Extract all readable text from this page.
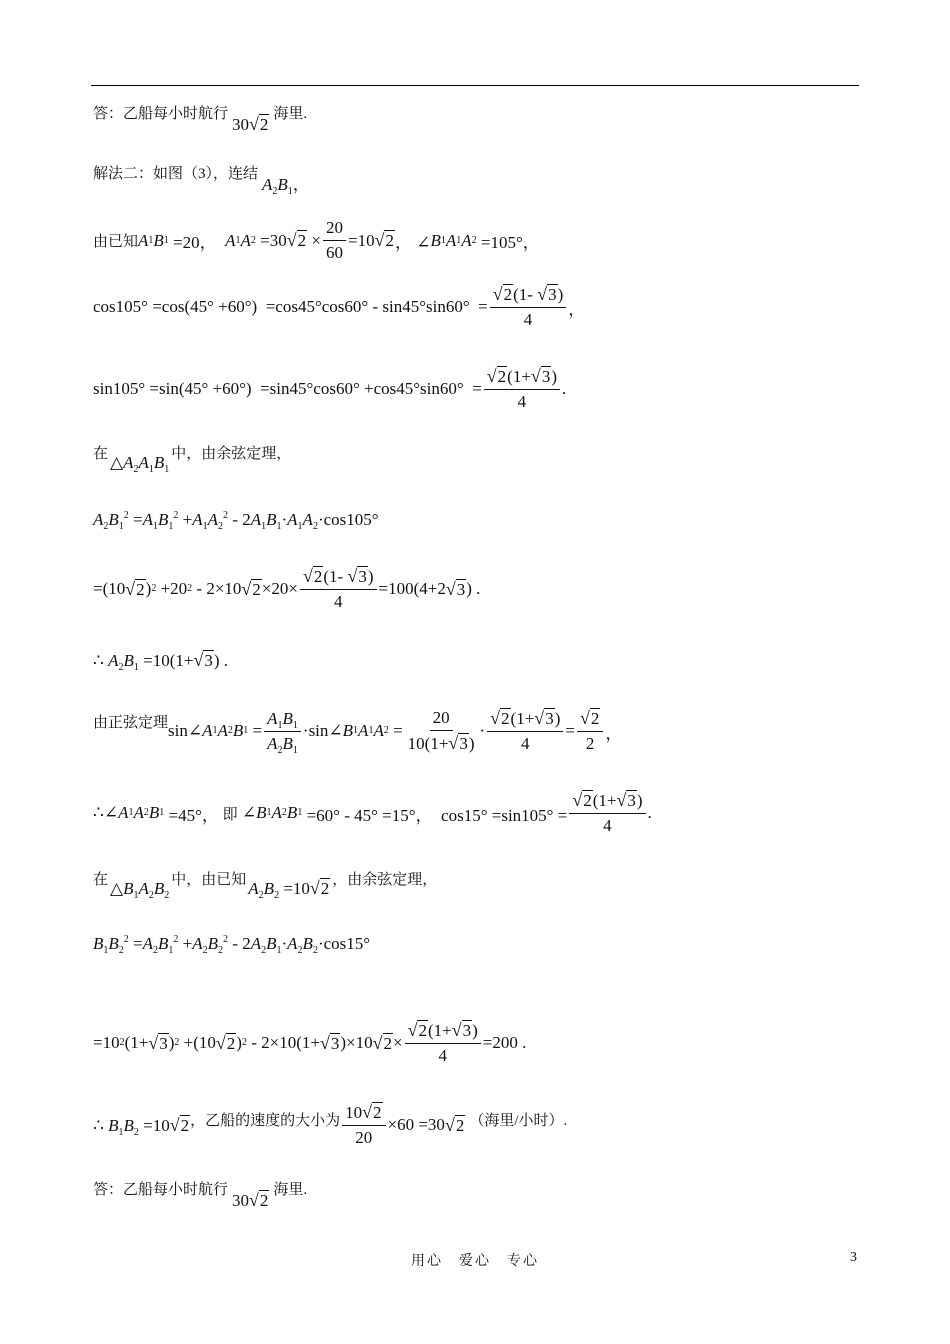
答：乙船每小时航行
30√2
海里.
解法二：如图（3），连结
$A_2B_1$，
由已知 A 1 B 1 =20， A 1 A 2 =30 $√2 \times \frac{20}{60} =10$ √2 ， ∠ B 1 A 1 A 2 =105°，
$\cos 105^\circ =\cos(45^\circ +60^\circ) =\cos 45^\circ\cos 60^\circ - \sin 45^\circ\sin 60^\circ = \frac{√2(1- √3)}{4}$ ，
$\sin 105^\circ =\sin(45^\circ +60^\circ) =\sin 45^\circ\cos 60^\circ +\cos 45^\circ\sin 60^\circ = \frac{√2(1+√3)}{4}$ .
在 $\triangle A_2A_1B_1$
中，由余弦定理，
$A_2B_1^2 =A_1B_1^2 +A_1A_2^2 - 2A_1B_1\cdot A_1A_2\cdot\cos 105^\circ$
=(10 √2 ) 2 +20 2 - 2×10 $√2 \times 20\times \frac{√2(1- √3)}{4} =100(4+2$ √3 ) .
∴ $A_2B_1 =10(1+√3)$ .
由正弦定理 sin∠ A 1 A 2 B $1 = \frac{A_1B_1}{A_2B_1}$ ·sin∠ B 1 A 1 A $2 = \frac{20}{10(1+√3)} \cdot \frac{√2(1+√3)}{4} = \frac{√2}{2}$ ，
∴∠ A 1 A 2 B 1 =45°， 即 ∠ B 1 A 2 B 1 =60° - 45° =15°，  $\cos 15^\circ =\sin 105^\circ = \frac{√2(1+√3)}{4}$ .
在 $\triangle B_1A_2B_2$
中，由已知 $A_2B_2 =10√2$ ，由余弦定理，
$B_1B_2^2 =A_2B_1^2 +A_2B_2^2 - 2A_2B_1\cdot A_2B_2\cdot\cos 15^\circ$
=10 2 (1+ √3 ) 2 +(10 √2 ) 2 - 2×10(1+ √3 )×10 $√2 \times \frac{√2(1+√3)}{4} =200$ .
∴ $B_1B_2 =10√2$ ，乙船的速度的大小为 $\frac{10√2}{20} \times 60 =30$ √2 （海里/小时）.
答：乙船每小时航行
30√2
海里.
用心　爱心　专心	3
